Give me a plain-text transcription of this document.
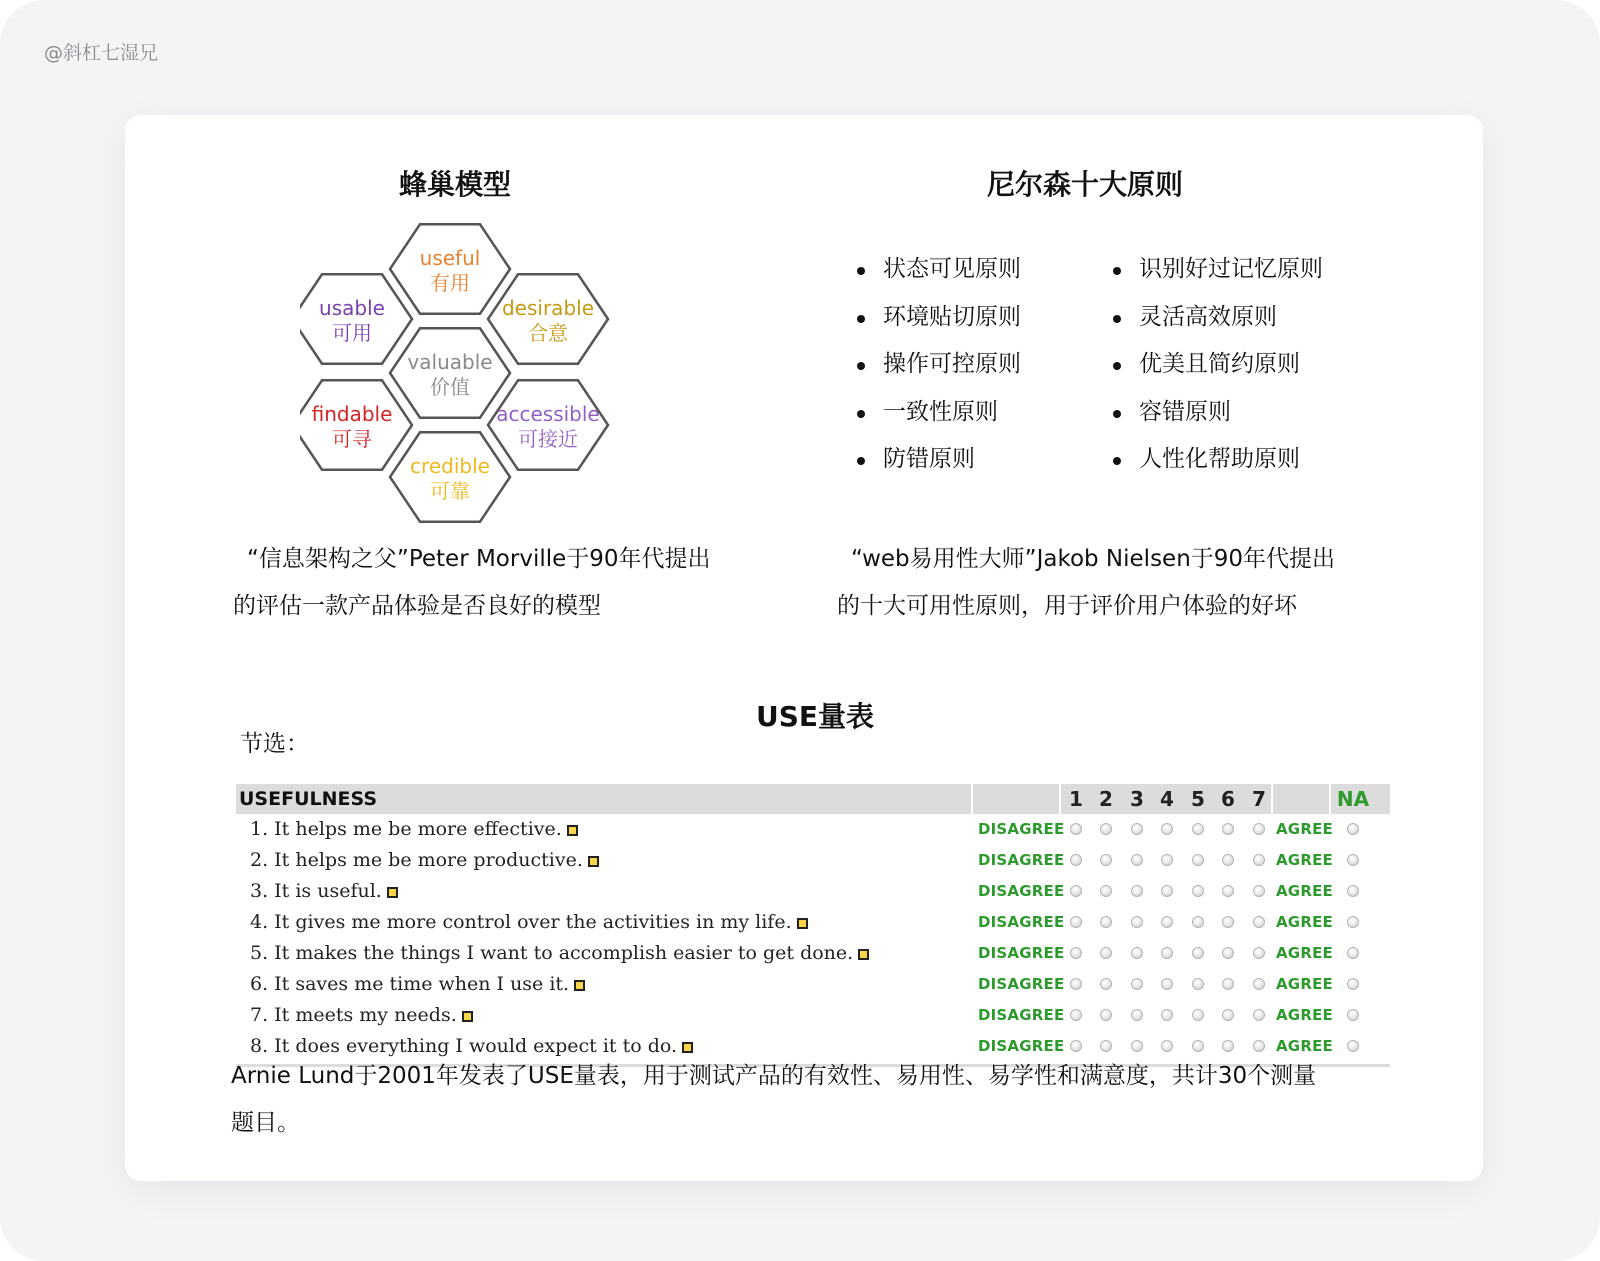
@斜杠七湿兄
蜂巢模型
useful
有用
usable
可用
desirable
合意
valuable
价值
findable
可寻
accessible
可接近
credible
可靠
“信息架构之父”Peter Morville于90年代提出
的评估一款产品体验是否良好的模型
尼尔森十大原则
状态可见原则
环境贴切原则
操作可控原则
一致性原则
防错原则
识别好过记忆原则
灵活高效原则
优美且简约原则
容错原则
人性化帮助原则
“web易用性大师”Jakob Nielsen于90年代提出
的十大可用性原则，用于评价用户体验的好坏
USE量表
节选：
USEFULNESS	1 2 3 4 5 6 7	NA
1. It helps me be more effective.	DISAGREE	AGREE
2. It helps me be more productive.	DISAGREE	AGREE
3. It is useful.	DISAGREE	AGREE
4. It gives me more control over the activities in my life.	DISAGREE	AGREE
5. It makes the things I want to accomplish easier to get done.	DISAGREE	AGREE
6. It saves me time when I use it.	DISAGREE	AGREE
7. It meets my needs.	DISAGREE	AGREE
8. It does everything I would expect it to do.	DISAGREE	AGREE
Arnie Lund于2001年发表了USE量表，用于测试产品的有效性、易用性、易学性和满意度，共计30个测量
题目。
